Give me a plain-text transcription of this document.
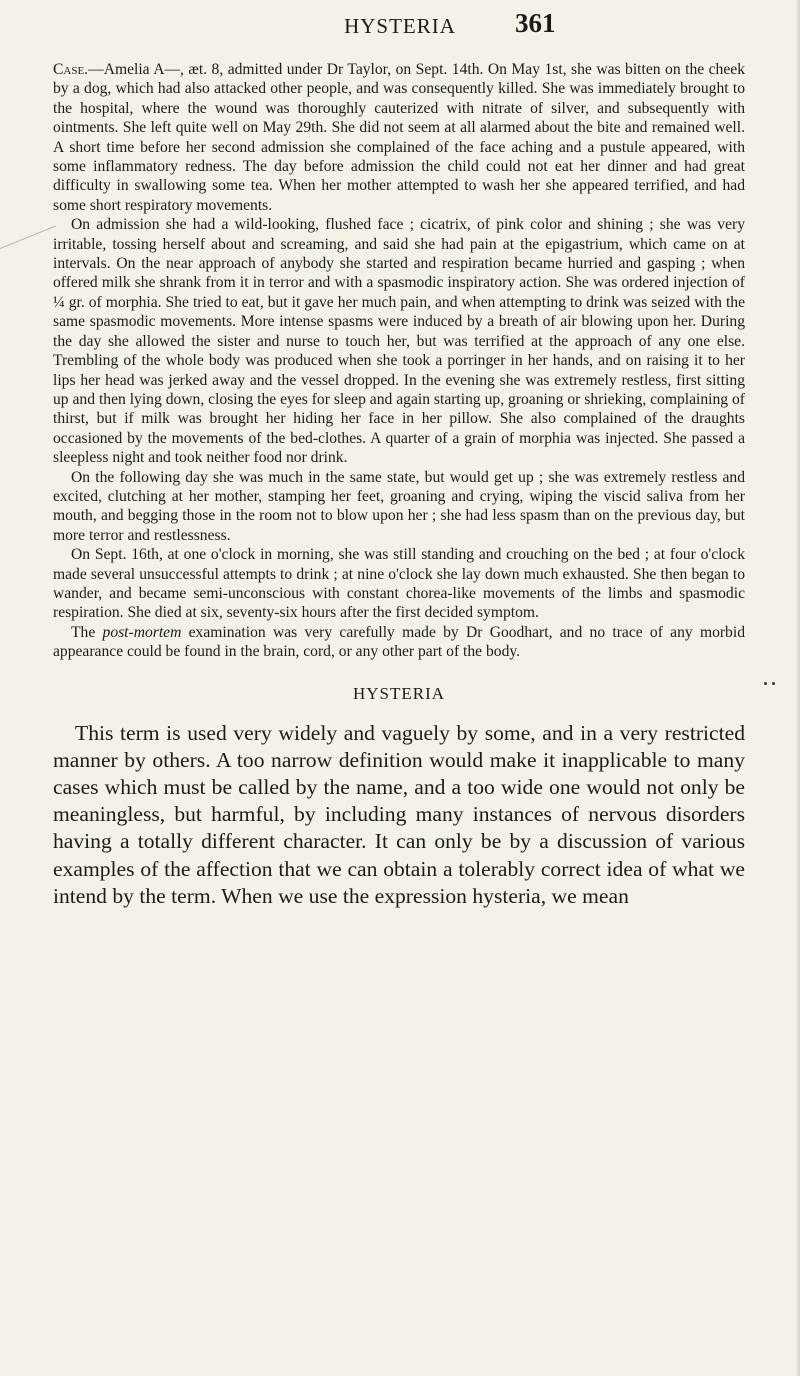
HYSTERIA	361

Case.—Amelia A—, æt. 8, admitted under Dr Taylor, on Sept. 14th. On May 1st, she was bitten on the cheek by a dog, which had also attacked other people, and was consequently killed. She was immediately brought to the hospital, where the wound was thoroughly cauterized with nitrate of silver, and subsequently with ointments. She left quite well on May 29th. She did not seem at all alarmed about the bite and remained well. A short time before her second admission she complained of the face aching and a pustule appeared, with some inflammatory redness. The day before admission the child could not eat her dinner and had great difficulty in swallowing some tea. When her mother attempted to wash her she appeared terrified, and had some short respiratory movements.

On admission she had a wild-looking, flushed face ; cicatrix, of pink color and shining ; she was very irritable, tossing herself about and screaming, and said she had pain at the epigastrium, which came on at intervals. On the near approach of anybody she started and respiration became hurried and gasping ; when offered milk she shrank from it in terror and with a spasmodic inspiratory action. She was ordered injection of ¼ gr. of morphia. She tried to eat, but it gave her much pain, and when attempting to drink was seized with the same spasmodic movements. More intense spasms were induced by a breath of air blowing upon her. During the day she allowed the sister and nurse to touch her, but was terrified at the approach of any one else. Trembling of the whole body was produced when she took a porringer in her hands, and on raising it to her lips her head was jerked away and the vessel dropped. In the evening she was extremely restless, first sitting up and then lying down, closing the eyes for sleep and again starting up, groaning or shrieking, complaining of thirst, but if milk was brought her hiding her face in her pillow. She also complained of the draughts occasioned by the movements of the bed-clothes. A quarter of a grain of morphia was injected. She passed a sleepless night and took neither food nor drink.

On the following day she was much in the same state, but would get up ; she was extremely restless and excited, clutching at her mother, stamping her feet, groaning and crying, wiping the viscid saliva from her mouth, and begging those in the room not to blow upon her ; she had less spasm than on the previous day, but more terror and restlessness.

On Sept. 16th, at one o'clock in morning, she was still standing and crouching on the bed ; at four o'clock made several unsuccessful attempts to drink ; at nine o'clock she lay down much exhausted. She then began to wander, and became semi-unconscious with constant chorea-like movements of the limbs and spasmodic respiration. She died at six, seventy-six hours after the first decided symptom.

The post-mortem examination was very carefully made by Dr Goodhart, and no trace of any morbid appearance could be found in the brain, cord, or any other part of the body.

HYSTERIA

This term is used very widely and vaguely by some, and in a very restricted manner by others. A too narrow definition would make it inapplicable to many cases which must be called by the name, and a too wide one would not only be meaningless, but harmful, by including many instances of nervous disorders having a totally different character. It can only be by a discussion of various examples of the affection that we can obtain a tolerably correct idea of what we intend by the term. When we use the expression hysteria, we mean
